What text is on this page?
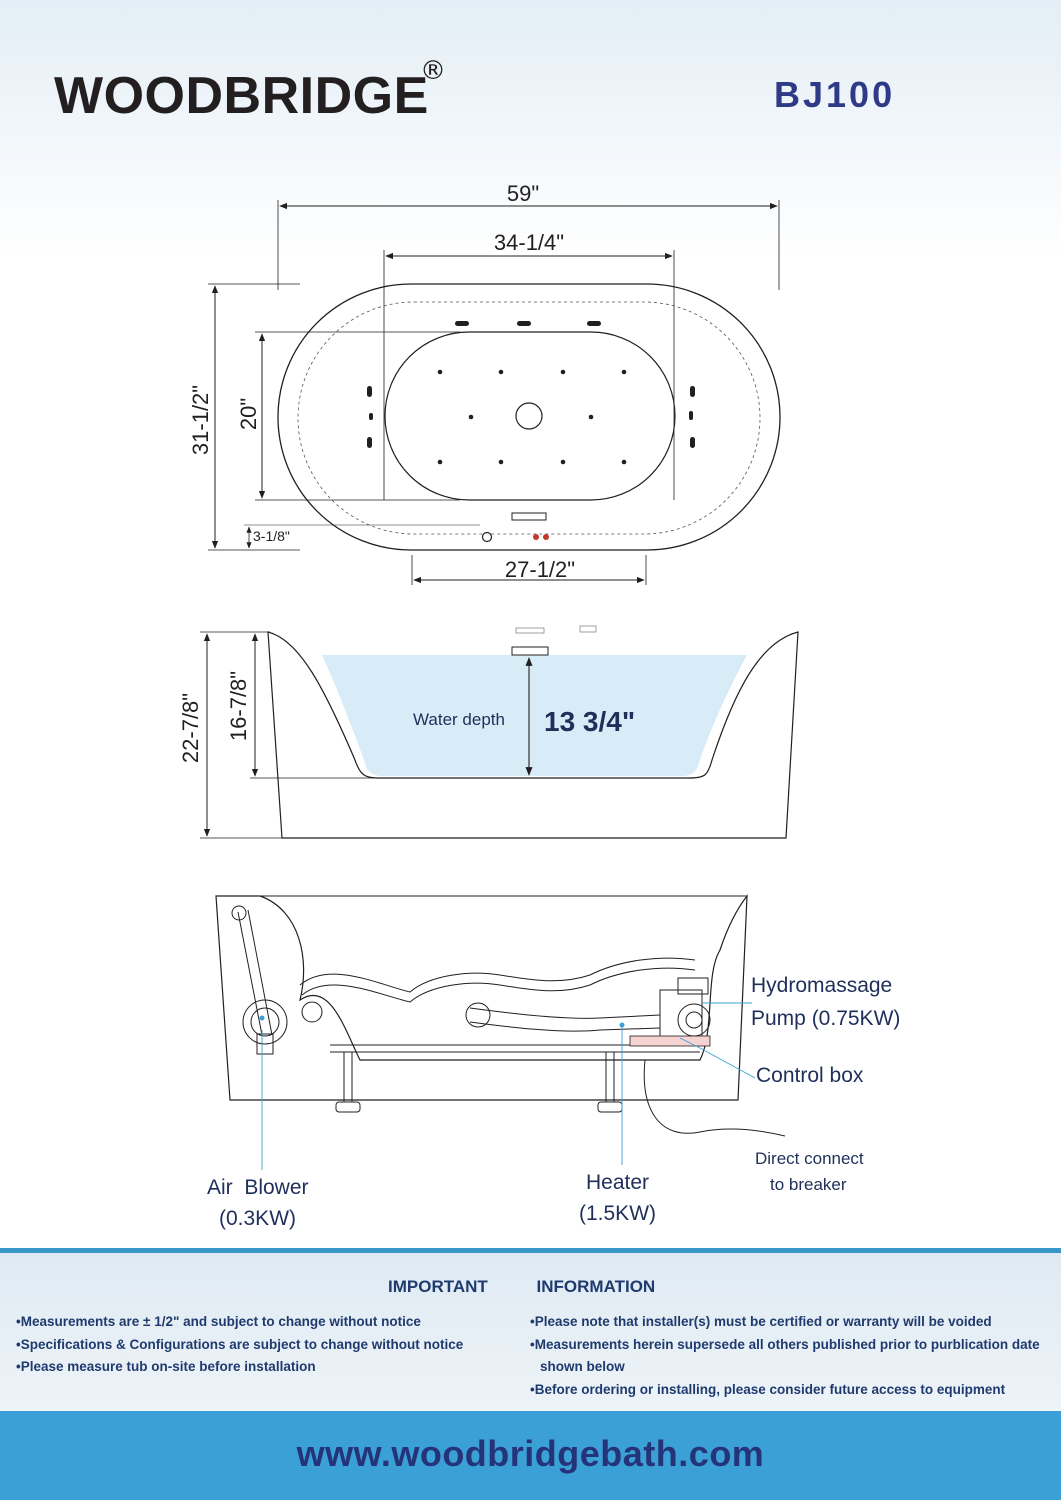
WOODBRIDGE
®
BJ100
59"
34-1/4"
31-1/2" 20"
3-1/8"
27-1/2"
Water depth 13 3/4"
22-7/8" 16-7/8"
Hydromassage
Pump (0.75KW)
Control box
Direct connect
to breaker
Air  Blower
(0.3KW)
Heater
(1.5KW)
IMPORTANT	INFORMATION
• Measurements are ± 1/2" and subject to change without notice
• Specifications & Configurations are subject to change without notice
• Please measure tub on-site before installation
• Please note that installer(s) must be certified or warranty will be voided
• Measurements herein supersede all others published prior to purblication date shown below
• Before ordering or installing, please consider future access to equipment
www.woodbridgebath.com
